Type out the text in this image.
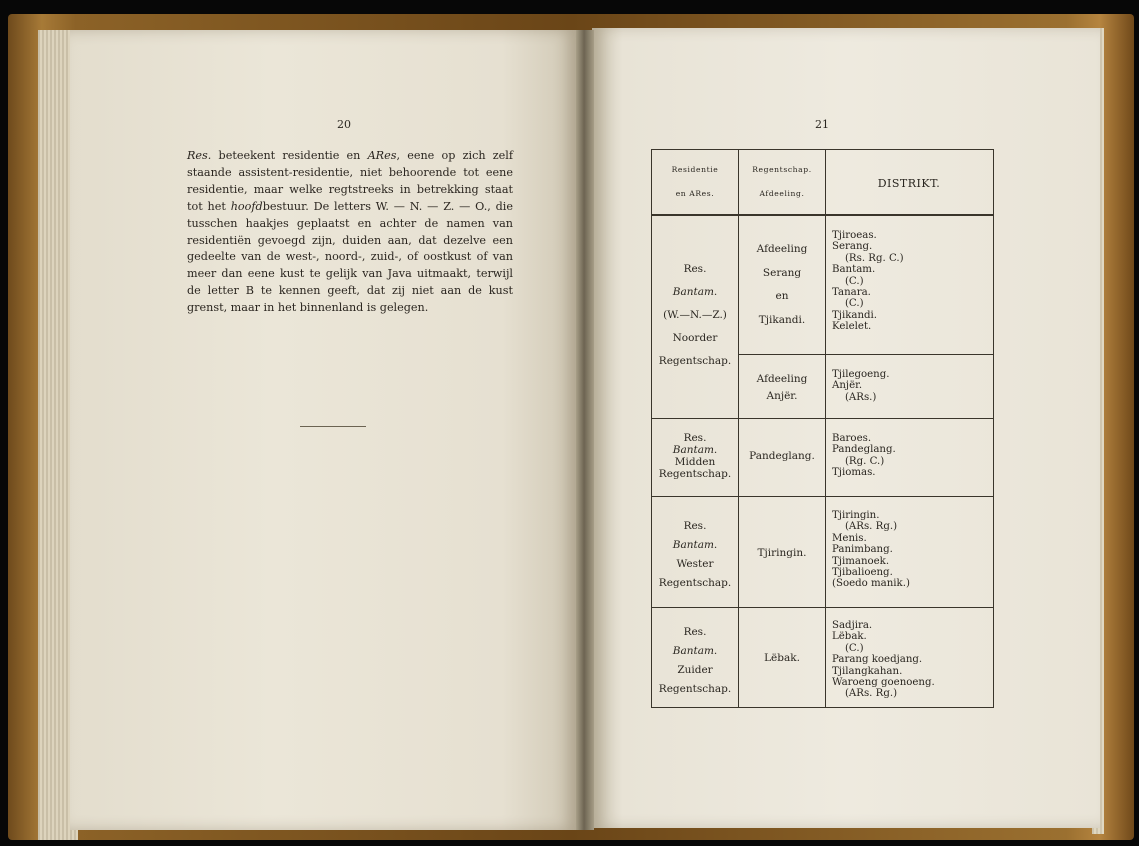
20

Res. beteekent residentie en ARes, eene op zich zelf staande assistent-residentie, niet behoorende tot eene residentie, maar welke regtstreeks in betrekking staat tot het hoofdbestuur. De letters W. — N. — Z. — O., die tusschen haakjes geplaatst en achter de namen van residentiën gevoegd zijn, duiden aan, dat dezelve een gedeelte van de west-, noord-, zuid-, of oostkust of van meer dan eene kust te gelijk van Java uitmaakt, terwijl de letter B te kennen geeft, dat zij niet aan de kust grenst, maar in het binnenland is gelegen.

21
Residentie
en ARes.
Regentschap.
Afdeeling.
DISTRIKT.
Res.
Bantam.
(W.—N.—Z.)
Noorder
Regentschap.
Afdeeling
Serang
en
Tjikandi.
Tjiroeas.
Serang.
(Rs. Rg. C.)
Bantam.
(C.)
Tanara.
(C.)
Tjikandi.
Kelelet.
Afdeeling
Anjër.
Tjilegoeng.
Anjër.
(ARs.)
Res.
Bantam.
Midden
Regentschap.
Pandeglang.
Baroes.
Pandeglang.
(Rg. C.)
Tjiomas.
Res.
Bantam.
Wester
Regentschap.
Tjiringin.
Tjiringin.
(ARs. Rg.)
Menis.
Panimbang.
Tjimanoek.
Tjibalioeng.
(Soedo manik.)
Res.
Bantam.
Zuider
Regentschap.
Lëbak.
Sadjira.
Lëbak.
(C.)
Parang koedjang.
Tjilangkahan.
Waroeng goenoeng.
(ARs. Rg.)
